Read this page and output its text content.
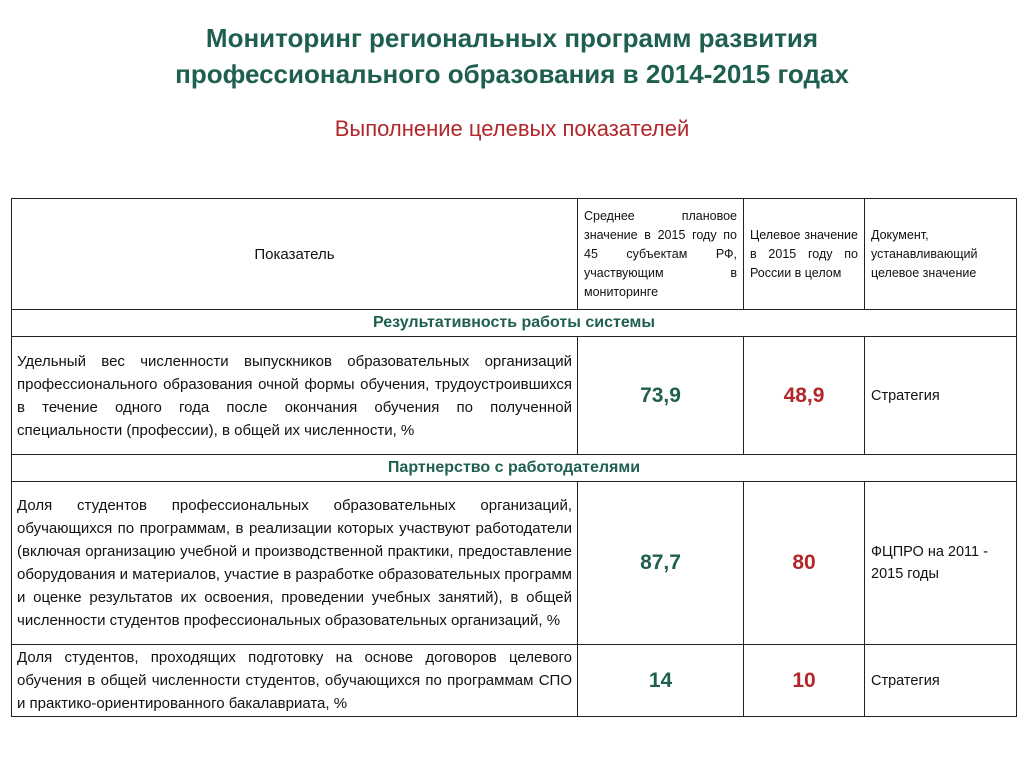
Мониторинг региональных программ развития
профессионального образования в 2014-2015 годах
Выполнение целевых показателей
Показатель	Среднее плановое значение в 2015 году по 45 субъектам РФ, участвующим в мониторинге	Целевое значение в 2015 году по России в целом	Документ, устанавливающий целевое значение
Результативность работы системы			
Удельный вес численности выпускников образовательных организаций профессионального образования очной формы обучения, трудоустроившихся в течение одного года после окончания обучения по полученной специальности (профессии), в общей их численности, %	73,9	48,9	Стратегия
Партнерство с работодателями			
Доля студентов профессиональных образовательных организаций, обучающихся по программам, в реализации которых участвуют работодатели (включая организацию учебной и производственной практики, предоставление оборудования и материалов, участие в разработке образовательных программ и оценке результатов их освоения, проведении учебных занятий), в общей численности студентов профессиональных образовательных организаций, %	87,7	80	ФЦПРО на 2011 - 2015 годы
Доля студентов, проходящих подготовку на основе договоров целевого обучения в общей численности студентов, обучающихся по программам СПО и практико-ориентированного бакалавриата, %	14	10	Стратегия
